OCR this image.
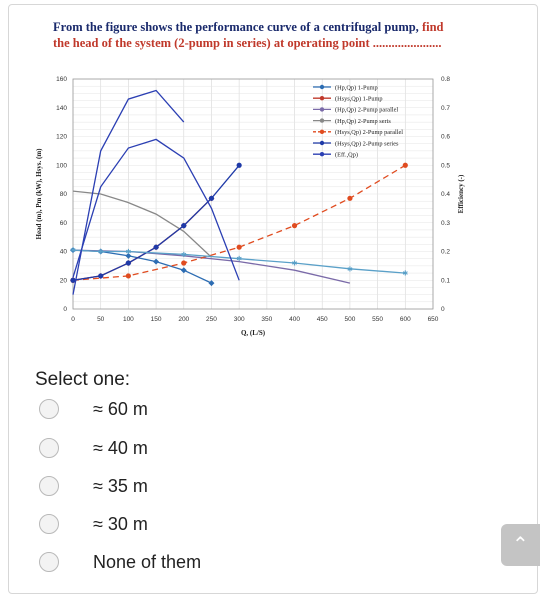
From the figure shows the performance curve of a centrifugal pump, find
the head of the system (2-pump in series) at operating point ......................
0	50	100	150	200	250	300	350	400	450	500	550	600	650
0
20
40
60
80
100
120
140
160
0
0.1
0.2
0.3
0.4
0.5
0.6
0.7
0.8
Q, (L/S)
Head (m), Pm (kW), Hsys. (m)	Efficiency (-)
✱	✱	✱	✱
✱
✱
✱
✱
(Hp,Qp) 1-Pump
(Hsys,Qp) 1-Pump
(Hp,Qp) 2-Pump parallel
(Hp,Qp) 2-Pump seris
(Hsys,Qp) 2-Pump parallel
(Hsys,Qp) 2-Pump series
(Eff.,Qp)
Select one:
≈ 60 m
≈ 40 m
≈ 35 m
≈ 30 m
None of them
⌃
